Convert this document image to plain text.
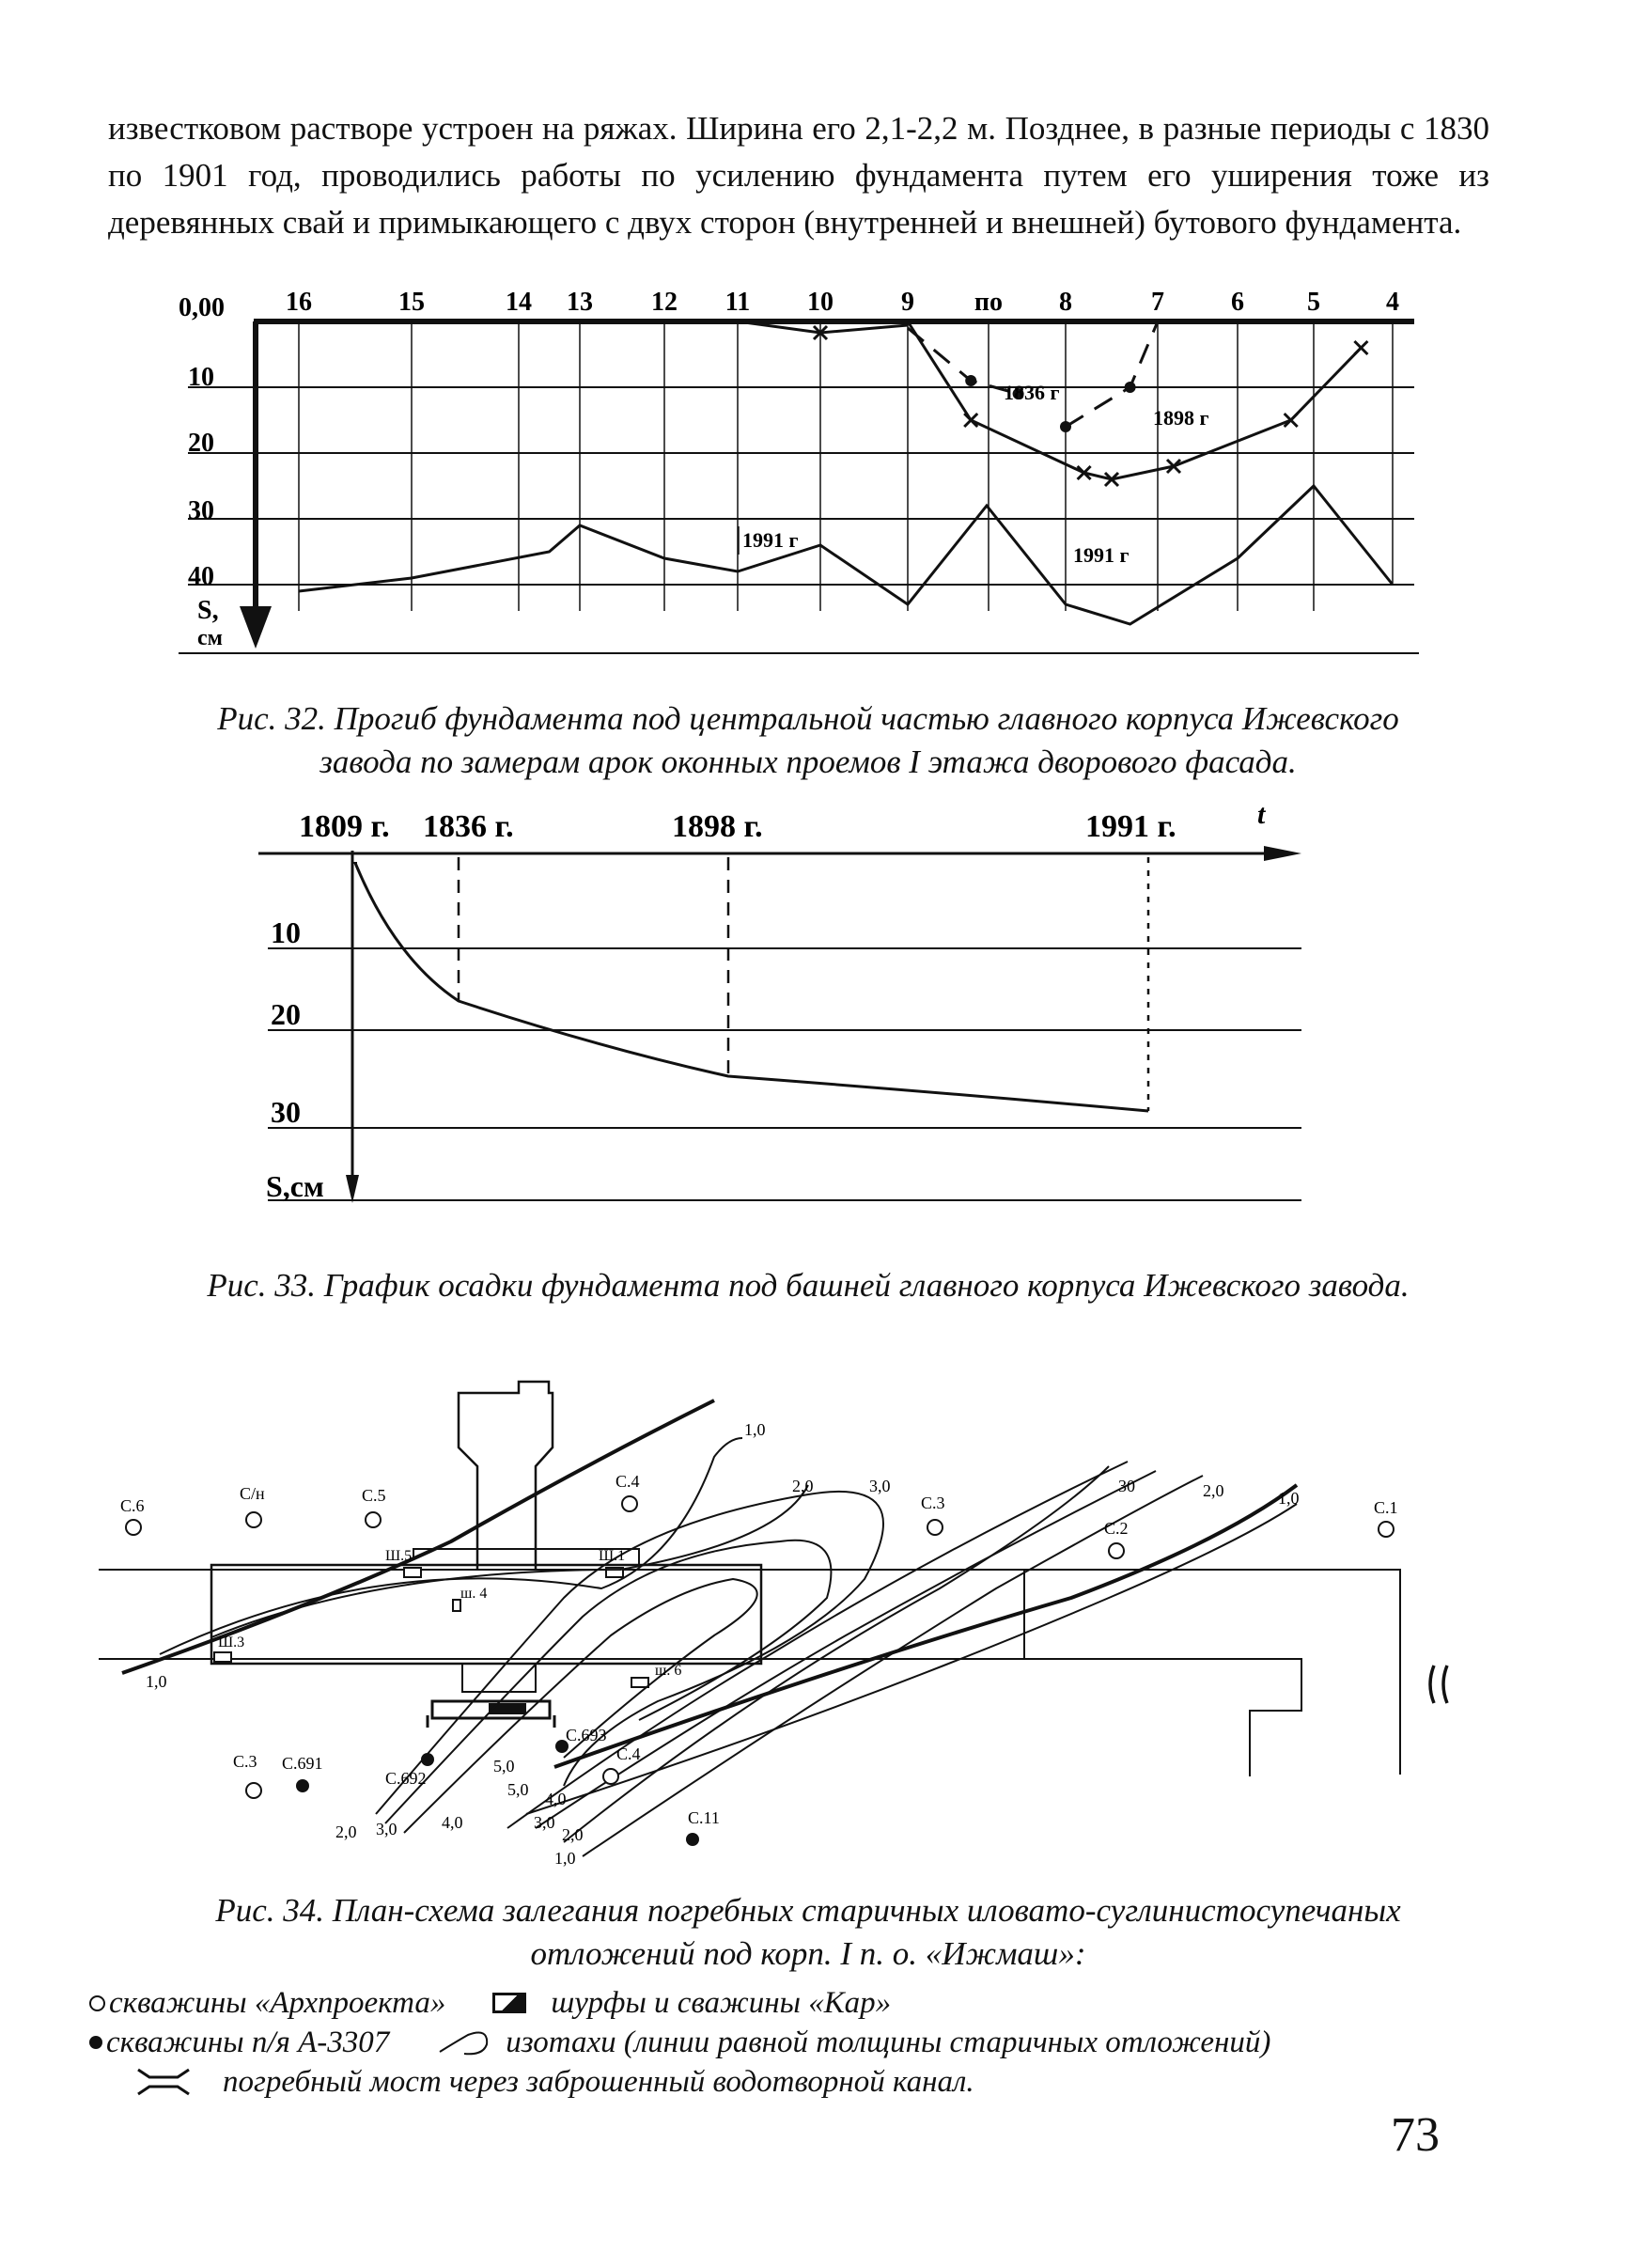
известковом растворе устроен на ряжах. Ширина его 2,1-2,2 м. Позднее, в разные периоды с 1830 по 1901 год, проводились работы по усилению фундамента путем его уширения тоже из деревянных свай и примыкающего с двух сторон (внутренней и внешней) бутового фундамента.

16	15	14 13 12 11 10	9 по 8	7	6 5	4
0,00
10
20
30
40
S,
см
1836 г
1898 г
1991 г
1991 г
Рис. 32. Прогиб фундамента под центральной частью главного корпуса Ижевского
завода по замерам арок оконных проемов I этажа дворового фасада.
t
10
20
30
S,см
1809 г. 1836 г.	1898 г.	1991 г.
Рис. 33. График осадки фундамента под башней главного корпуса Ижевского завода.
С.6
С/н	С.5
С.4
С.3
С.2
С.1
С.3	С.4
С.691
С.692
С.693
С.11
Ш.5	Ш.1
ш. 4
Ш.3
ш. 6
1,0
2,0	3,0	30	2,0	1,0
1,0
2,0 3,0	4,0
5,0
5,0 4,0
3,0
2,0
1,0
Рис. 34. План-схема залегания погребных старичных иловато-суглинистосупечаных
отложений под корп. I п. о. «Ижмаш»:
скважины «Архпроекта»	шурфы и сважины «Кар»
скважины п/я А-3307	изотахи (линии равной толщины старичных отложений)
погребный мост через заброшенный водотворной канал.
73
